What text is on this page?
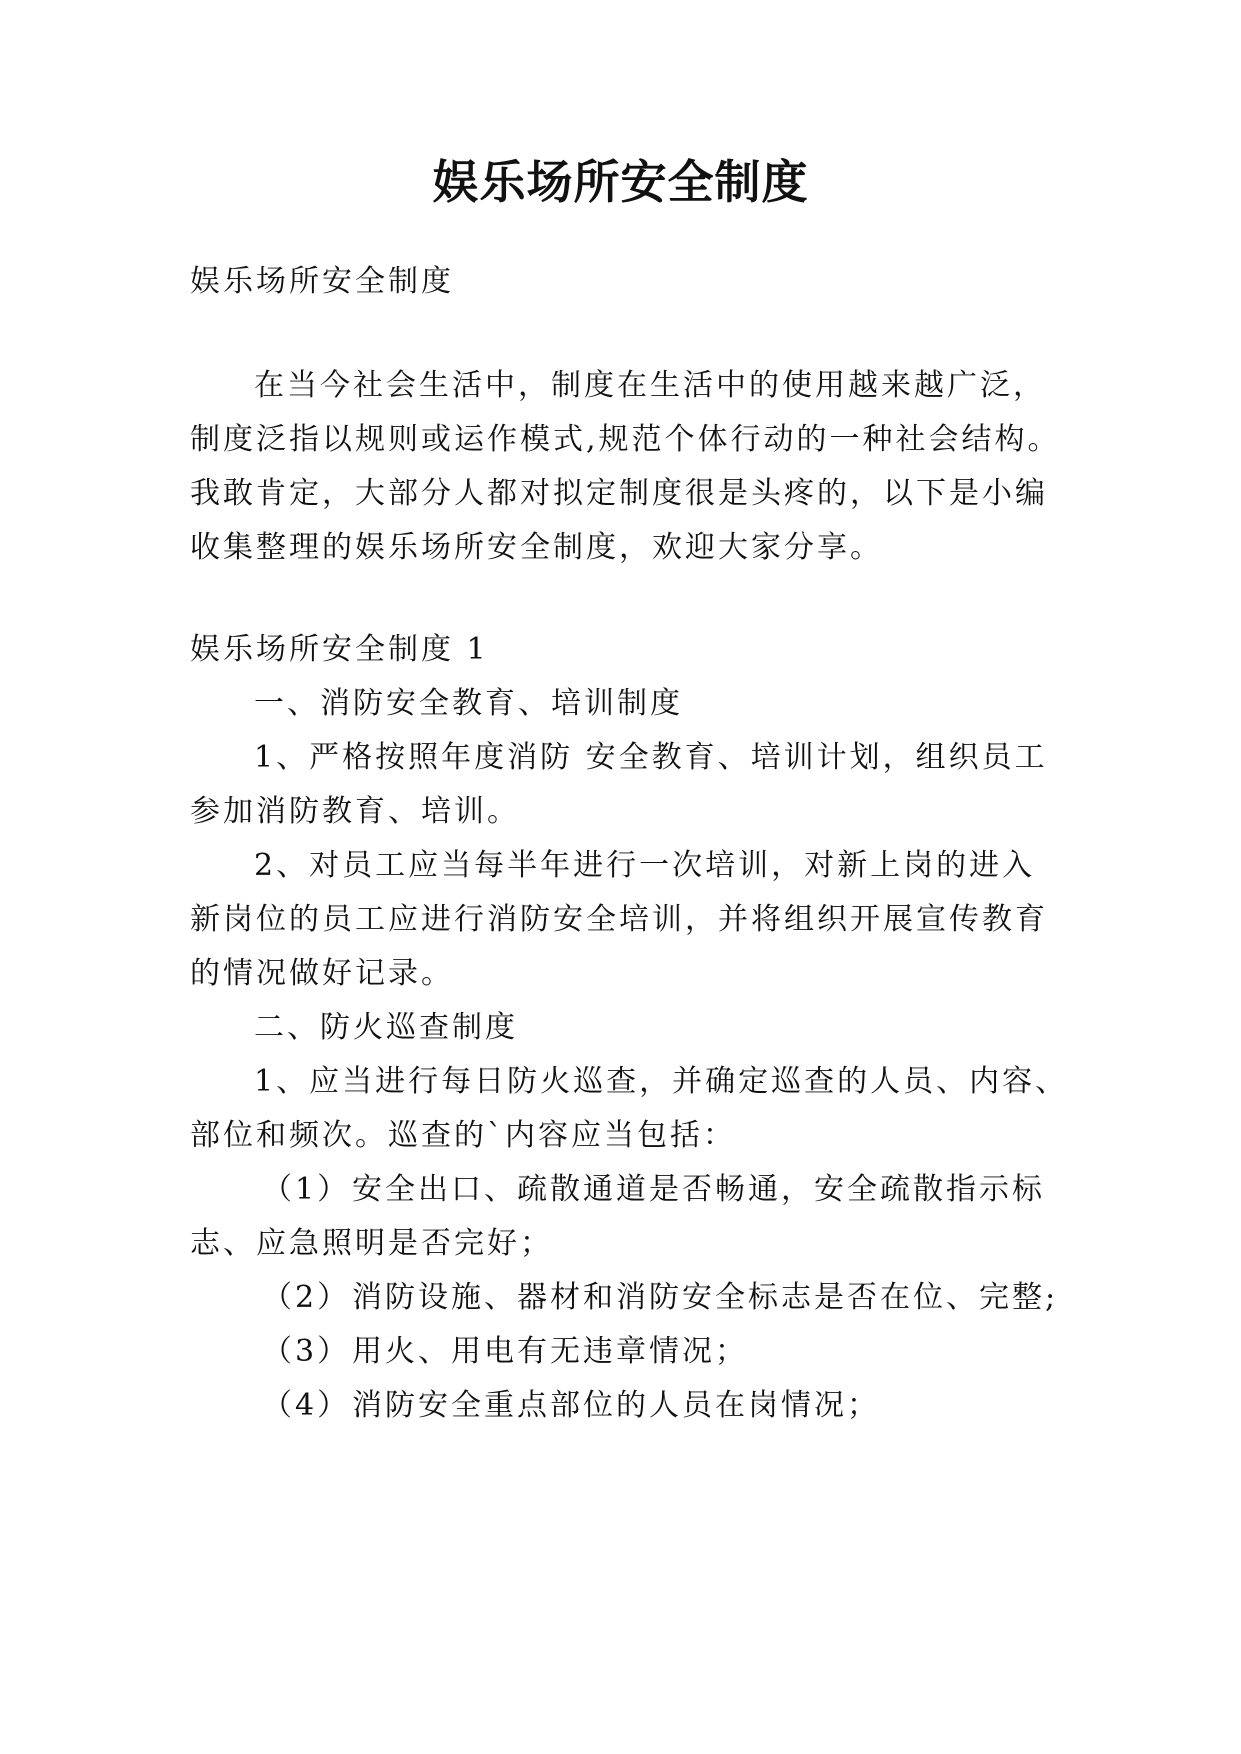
娱乐场所安全制度
娱乐场所安全制度
在当今社会生活中，制度在生活中的使用越来越广泛，
制度泛指以规则或运作模式,规范个体行动的一种社会结构。
我敢肯定，大部分人都对拟定制度很是头疼的，以下是小编
收集整理的娱乐场所安全制度，欢迎大家分享。
娱乐场所安全制度 1
一、消防安全教育、培训制度
1、严格按照年度消防 安全教育、培训计划，组织员工
参加消防教育、培训。
2、对员工应当每半年进行一次培训，对新上岗的进入
新岗位的员工应进行消防安全培训，并将组织开展宣传教育
的情况做好记录。
二、防火巡查制度
1、应当进行每日防火巡查，并确定巡查的人员、内容、
部位和频次。巡查的`内容应当包括：
（1） 安全出口、疏散通道是否畅通，安全疏散指示标
志、应急照明是否完好；
（2） 消防设施、器材和消防安全标志是否在位、完整;
（3） 用火、用电有无违章情况；
（4） 消防安全重点部位的人员在岗情况；
